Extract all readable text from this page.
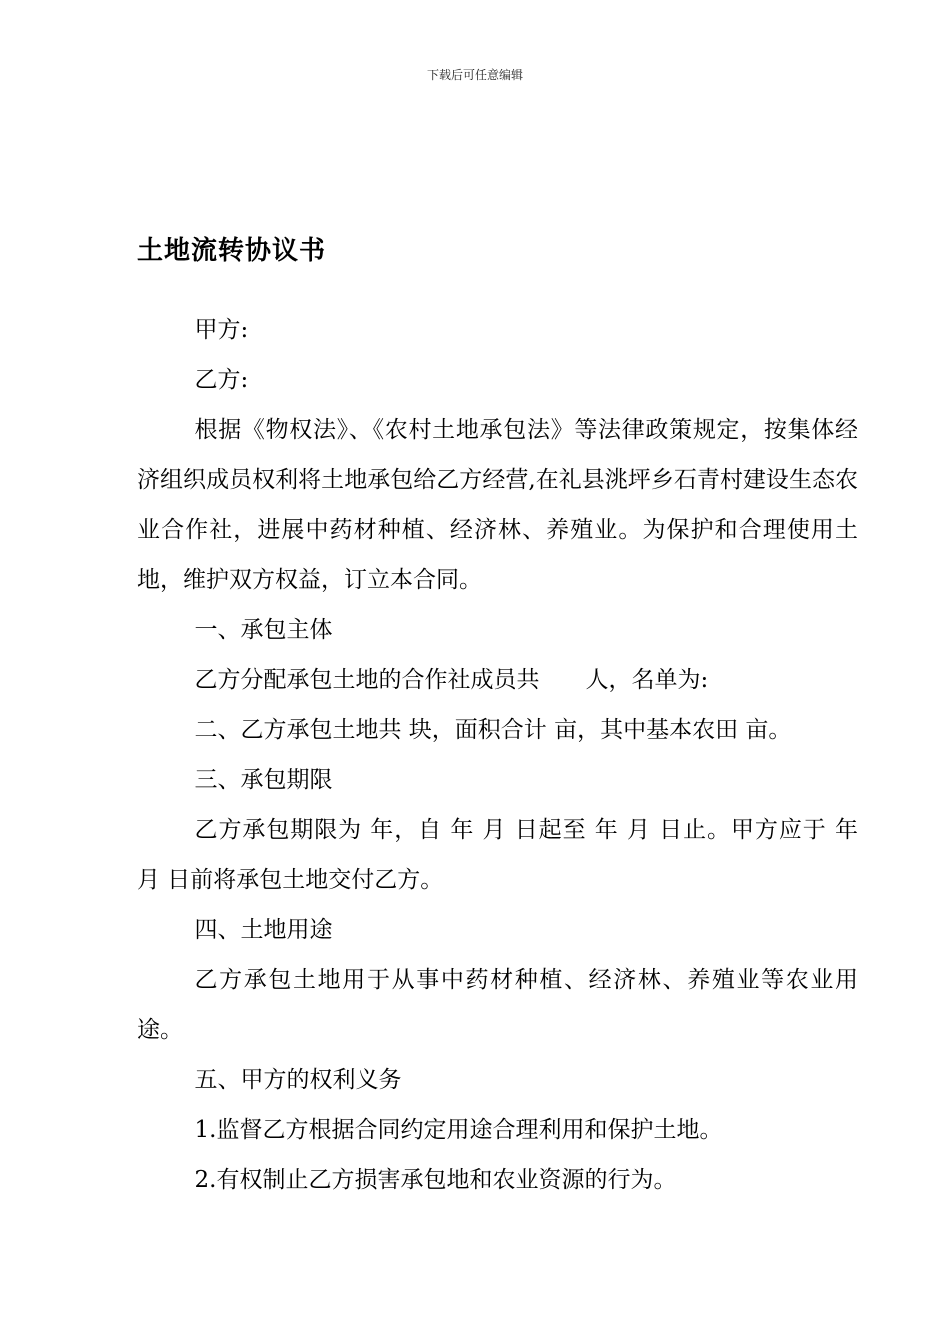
下载后可任意编辑
土地流转协议书

甲方:

乙方:

根据《物权法》、《农村土地承包法》等法律政策规定，按集体经济组织成员权利将土地承包给乙方经营,在礼县洮坪乡石青村建设生态农业合作社，进展中药材种植、经济林、养殖业。为保护和合理使用土地，维护双方权益，订立本合同。

一、承包主体

乙方分配承包土地的合作社成员共　　人，名单为:

二、乙方承包土地共 块，面积合计 亩，其中基本农田 亩。

三、承包期限

乙方承包期限为 年，自 年 月 日起至 年 月 日止。甲方应于 年 月 日前将承包土地交付乙方。

四、土地用途

乙方承包土地用于从事中药材种植、经济林、养殖业等农业用途。

五、甲方的权利义务

1.监督乙方根据合同约定用途合理利用和保护土地。

2.有权制止乙方损害承包地和农业资源的行为。
